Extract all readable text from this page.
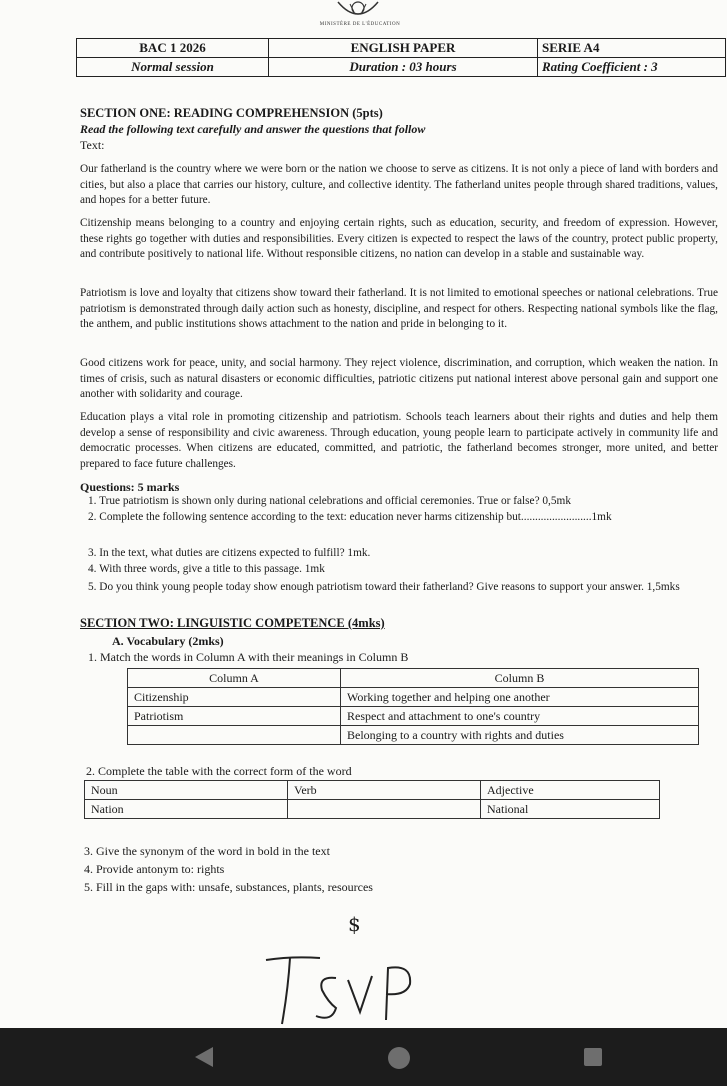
MINISTÈRE DE L'ÉDUCATION
BAC 1 2026	ENGLISH PAPER	SERIE A4
Normal session	Duration : 03 hours	Rating Coefficient : 3
SECTION ONE: READING COMPREHENSION (5pts)
Read the following text carefully and answer the questions that follow
Text:
Our fatherland is the country where we were born or the nation we choose to serve as citizens. It is not only a piece of land with borders and cities, but also a place that carries our history, culture, and collective identity. The fatherland unites people through shared traditions, values, and hopes for a better future.
Citizenship means belonging to a country and enjoying certain rights, such as education, security, and freedom of expression. However, these rights go together with duties and responsibilities. Every citizen is expected to respect the laws of the country, protect public property, and contribute positively to national life. Without responsible citizens, no nation can develop in a stable and sustainable way.
Patriotism is love and loyalty that citizens show toward their fatherland. It is not limited to emotional speeches or national celebrations. True patriotism is demonstrated through daily action such as honesty, discipline, and respect for others. Respecting national symbols like the flag, the anthem, and public institutions shows attachment to the nation and pride in belonging to it.
Good citizens work for peace, unity, and social harmony. They reject violence, discrimination, and corruption, which weaken the nation. In times of crisis, such as natural disasters or economic difficulties, patriotic citizens put national interest above personal gain and support one another with solidarity and courage.
Education plays a vital role in promoting citizenship and patriotism. Schools teach learners about their rights and duties and help them develop a sense of responsibility and civic awareness. Through education, young people learn to participate actively in community life and democratic processes. When citizens are educated, committed, and patriotic, the fatherland becomes stronger, more united, and better prepared to face future challenges.
Questions: 5 marks
1. True patriotism is shown only during national celebrations and official ceremonies. True or false? 0,5mk
2. Complete the following sentence according to the text: education never harms citizenship but.........................1mk
3. In the text, what duties are citizens expected to fulfill? 1mk.
4. With three words, give a title to this passage. 1mk
5. Do you think young people today show enough patriotism toward their fatherland? Give reasons to support your answer. 1,5mks
SECTION TWO: LINGUISTIC COMPETENCE (4mks)
A. Vocabulary (2mks)
1. Match the words in Column A with their meanings in Column B
Column A	Column B
Citizenship	Working together and helping one another
Patriotism	Respect and attachment to one's country
	Belonging to a country with rights and duties
2. Complete the table with the correct form of the word
Noun	Verb	Adjective
Nation		National
3. Give the synonym of the word in bold in the text
4. Provide antonym to: rights
5. Fill in the gaps with: unsafe, substances, plants, resources
$
